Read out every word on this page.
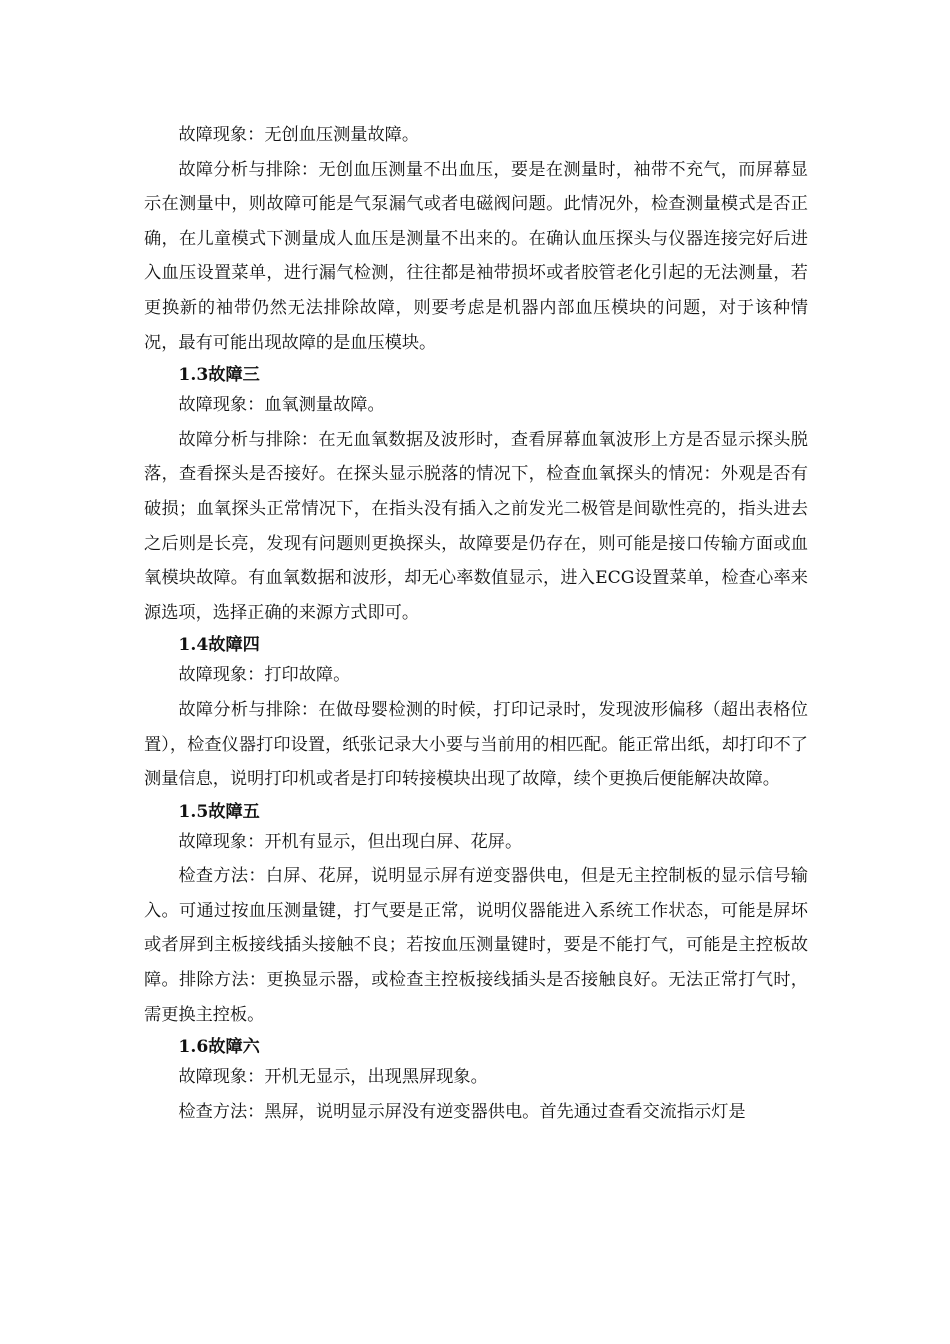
故障现象：无创血压测量故障。

故障分析与排除：无创血压测量不出血压，要是在测量时，袖带不充气，而屏幕显示在测量中，则故障可能是气泵漏气或者电磁阀问题。此情况外，检查测量模式是否正确，在儿童模式下测量成人血压是测量不出来的。在确认血压探头与仪器连接完好后进入血压设置菜单，进行漏气检测，往往都是袖带损坏或者胶管老化引起的无法测量，若更换新的袖带仍然无法排除故障，则要考虑是机器内部血压模块的问题，对于该种情况，最有可能出现故障的是血压模块。

1.3故障三

故障现象：血氧测量故障。

故障分析与排除：在无血氧数据及波形时，查看屏幕血氧波形上方是否显示探头脱落，查看探头是否接好。在探头显示脱落的情况下，检查血氧探头的情况：外观是否有破损；血氧探头正常情况下，在指头没有插入之前发光二极管是间歇性亮的，指头进去之后则是长亮，发现有问题则更换探头，故障要是仍存在，则可能是接口传输方面或血氧模块故障。有血氧数据和波形，却无心率数值显示，进入ECG设置菜单，检查心率来源选项，选择正确的来源方式即可。

1.4故障四

故障现象：打印故障。

故障分析与排除：在做母婴检测的时候，打印记录时，发现波形偏移（超出表格位置），检查仪器打印设置，纸张记录大小要与当前用的相匹配。能正常出纸，却打印不了测量信息，说明打印机或者是打印转接模块出现了故障，续个更换后便能解决故障。

1.5故障五

故障现象：开机有显示，但出现白屏、花屏。

检查方法：白屏、花屏，说明显示屏有逆变器供电，但是无主控制板的显示信号输入。可通过按血压测量键，打气要是正常，说明仪器能进入系统工作状态，可能是屏坏或者屏到主板接线插头接触不良；若按血压测量键时，要是不能打气，可能是主控板故障。排除方法：更换显示器，或检查主控板接线插头是否接触良好。无法正常打气时，需更换主控板。

1.6故障六

故障现象：开机无显示，出现黑屏现象。

检查方法：黑屏，说明显示屏没有逆变器供电。首先通过查看交流指示灯是
